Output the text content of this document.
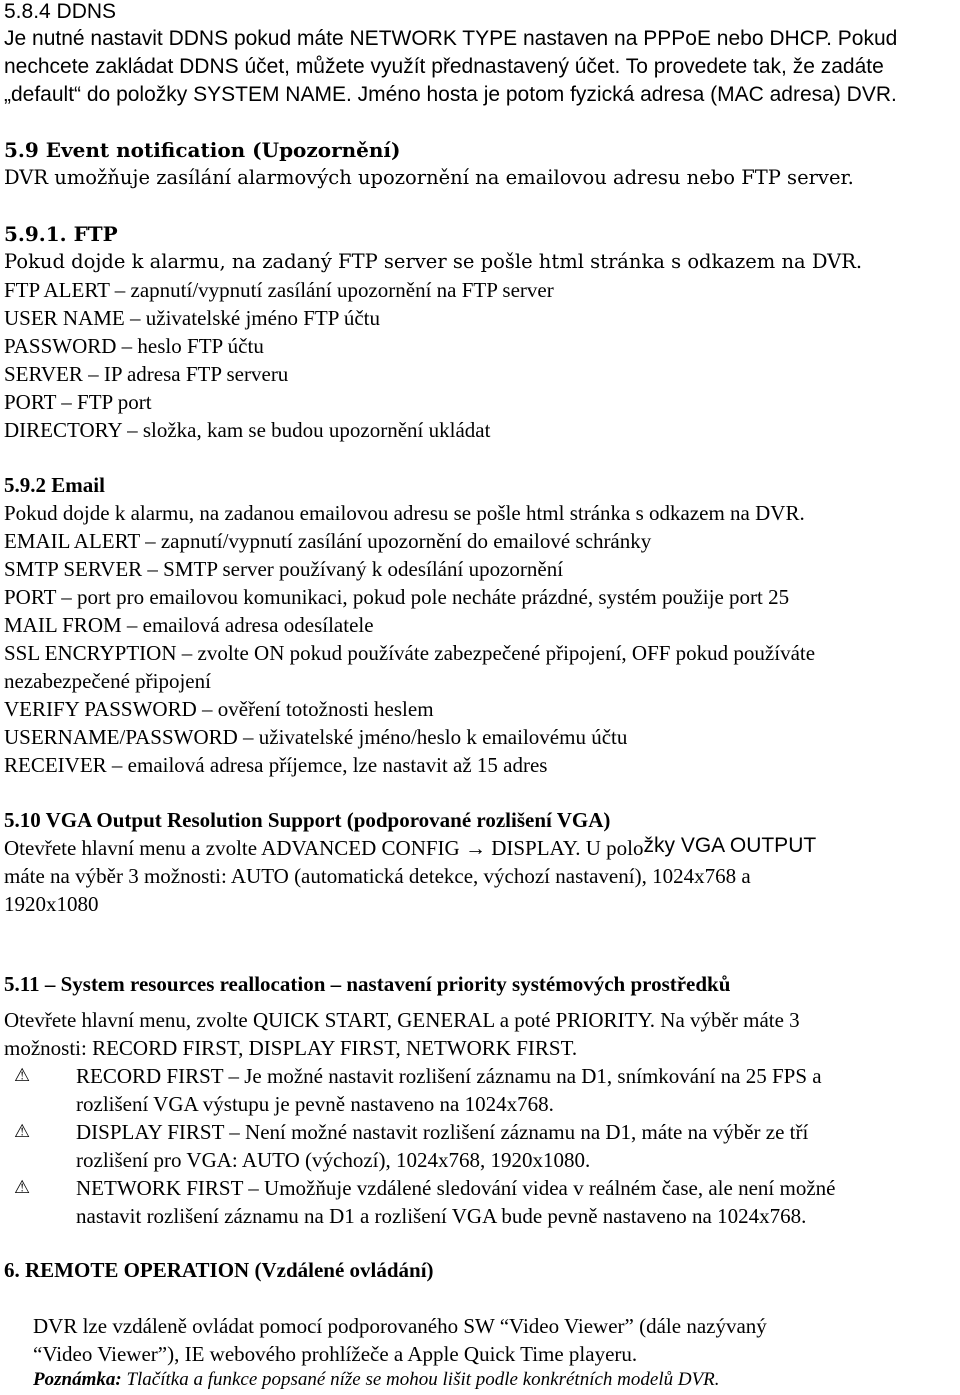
5.8.4 DDNS
Je nutné nastavit DDNS pokud máte NETWORK TYPE nastaven na PPPoE nebo DHCP. Pokud
nechcete zakládat DDNS účet, můžete využít přednastavený účet. To provedete tak, že zadáte
„default“ do položky SYSTEM NAME. Jméno hosta je potom fyzická adresa (MAC adresa) DVR.
5.9 Event notification (Upozornění)
DVR umožňuje zasílání alarmových upozornění na emailovou adresu nebo FTP server.
5.9.1. FTP
Pokud dojde k alarmu, na zadaný FTP server se pošle html stránka s odkazem na DVR.
FTP ALERT – zapnutí/vypnutí zasílání upozornění na FTP server
USER NAME – uživatelské jméno FTP účtu
PASSWORD – heslo FTP účtu
SERVER – IP adresa FTP serveru
PORT – FTP port
DIRECTORY – složka, kam se budou upozornění ukládat
5.9.2 Email
Pokud dojde k alarmu, na zadanou emailovou adresu se pošle html stránka s odkazem na DVR.
EMAIL ALERT – zapnutí/vypnutí zasílání upozornění do emailové schránky
SMTP SERVER – SMTP server používaný k odesílání upozornění
PORT – port pro emailovou komunikaci, pokud pole necháte prázdné, systém použije port 25
MAIL FROM – emailová adresa odesílatele
SSL ENCRYPTION – zvolte ON pokud používáte zabezpečené připojení, OFF pokud používáte
nezabezpečené připojení
VERIFY PASSWORD – ověření totožnosti heslem
USERNAME/PASSWORD – uživatelské jméno/heslo k emailovému účtu
RECEIVER – emailová adresa příjemce, lze nastavit až 15 adres
5.10 VGA Output Resolution Support (podporované rozlišení VGA)
Otevřete hlavní menu a zvolte ADVANCED CONFIG → DISPLAY. U položky VGA OUTPUT
máte na výběr 3 možnosti: AUTO (automatická detekce, výchozí nastavení), 1024x768 a
1920x1080
5.11 – System resources reallocation – nastavení priority systémových prostředků
Otevřete hlavní menu, zvolte QUICK START, GENERAL a poté PRIORITY. Na výběr máte 3
možnosti: RECORD FIRST, DISPLAY FIRST, NETWORK FIRST.
⚠︎ RECORD FIRST – Je možné nastavit rozlišení záznamu na D1, snímkování na 25 FPS a
rozlišení VGA výstupu je pevně nastaveno na 1024x768.
⚠︎ DISPLAY FIRST – Není možné nastavit rozlišení záznamu na D1, máte na výběr ze tří
rozlišení pro VGA: AUTO (výchozí), 1024x768, 1920x1080.
⚠︎ NETWORK FIRST – Umožňuje vzdálené sledování videa v reálném čase, ale není možné
nastavit rozlišení záznamu na D1 a rozlišení VGA bude pevně nastaveno na 1024x768.
6. REMOTE OPERATION (Vzdálené ovládání)
DVR lze vzdáleně ovládat pomocí podporovaného SW “Video Viewer” (dále nazývaný
“Video Viewer”), IE webového prohlížeče a Apple Quick Time playeru.
Poznámka: Tlačítka a funkce popsané níže se mohou lišit podle konkrétních modelů DVR.
